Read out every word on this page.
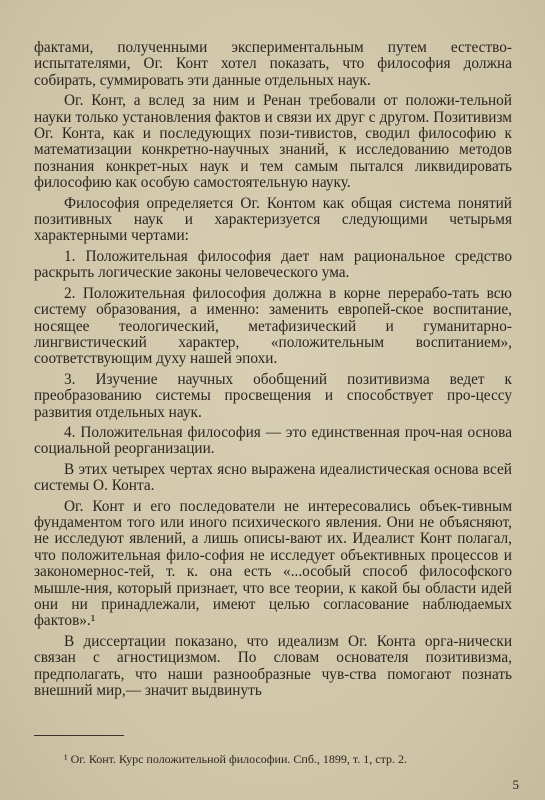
фактами, полученными экспериментальным путем естество-испытателями, Ог. Конт хотел показать, что философия должна собирать, суммировать эти данные отдельных наук.

Ог. Конт, а вслед за ним и Ренан требовали от положи-тельной науки только установления фактов и связи их друг с другом. Позитивизм Ог. Конта, как и последующих пози-тивистов, сводил философию к математизации конкретно-научных знаний, к исследованию методов познания конкрет-ных наук и тем самым пытался ликвидировать философию как особую самостоятельную науку.

Философия определяется Ог. Контом как общая система понятий позитивных наук и характеризуется следующими четырьмя характерными чертами:

1. Положительная философия дает нам рациональное средство раскрыть логические законы человеческого ума.

2. Положительная философия должна в корне перерабо-тать всю систему образования, а именно: заменить европей-ское воспитание, носящее теологический, метафизический и гуманитарно-лингвистический характер, «положительным воспитанием», соответствующим духу нашей эпохи.

3. Изучение научных обобщений позитивизма ведет к преобразованию системы просвещения и способствует про-цессу развития отдельных наук.

4. Положительная философия — это единственная проч-ная основа социальной реорганизации.

В этих четырех чертах ясно выражена идеалистическая основа всей системы О. Конта.

Ог. Конт и его последователи не интересовались объек-тивным фундаментом того или иного психического явления. Они не объясняют, не исследуют явлений, а лишь описы-вают их. Идеалист Конт полагал, что положительная фило-софия не исследует объективных процессов и закономернос-тей, т. к. она есть «...особый способ философского мышле-ния, который признает, что все теории, к какой бы области идей они ни принадлежали, имеют целью согласование наблюдаемых фактов».¹

В диссертации показано, что идеализм Ог. Конта орга-нически связан с агностицизмом. По словам основателя позитивизма, предполагать, что наши разнообразные чув-ства помогают познать внешний мир,— значит выдвинуть

¹ Ог. Конт. Курс положительной философии. Спб., 1899, т. 1, стр. 2.
5
